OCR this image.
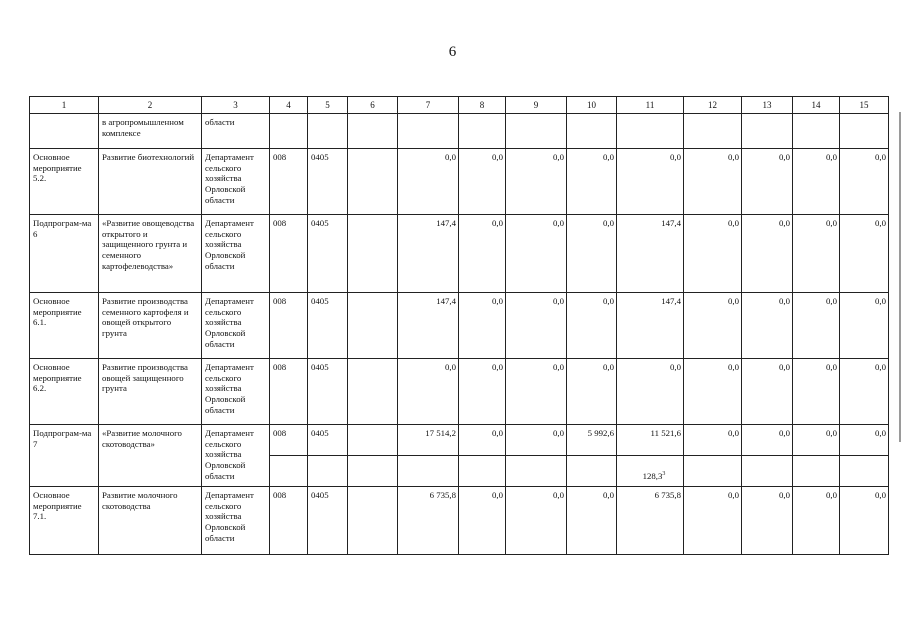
6
1	2	3	4	5	6	7	8	9	10	11	12	13	14	15	
	в агропромышленном комплексе	области													
Основное мероприятие 5.2.	Развитие биотехнологий	Департамент сельского хозяйства Орловской области	008	0405		0,0	0,0	0,0	0,0	0,0	0,0	0,0	0,0	0,0	
Подпрограм-ма 6	«Развитие овощеводства открытого и защищенного грунта и семенного картофелеводства»	Департамент сельского хозяйства Орловской области	008	0405		147,4	0,0	0,0	0,0	147,4	0,0	0,0	0,0	0,0	
Основное мероприятие 6.1.	Развитие производства семенного картофеля и овощей открытого грунта	Департамент сельского хозяйства Орловской области	008	0405		147,4	0,0	0,0	0,0	147,4	0,0	0,0	0,0	0,0	
Основное мероприятие 6.2.	Развитие производства овощей защищенного грунта	Департамент сельского хозяйства Орловской области	008	0405		0,0	0,0	0,0	0,0	0,0	0,0	0,0	0,0	0,0	
Подпрограм-ма 7	«Развитие молочного скотоводства»	Департамент сельского хозяйства Орловской области	008	0405		17 514,2	0,0	0,0	5 992,6	11 521,6	0,0	0,0	0,0	0,0	

										128,3$^3$

Основное мероприятие 7.1.	Развитие молочного скотоводства	Департамент сельского хозяйства Орловской области	008	0405		6 735,8	0,0	0,0	0,0	6 735,8	0,0	0,0	0,0	0,0	
